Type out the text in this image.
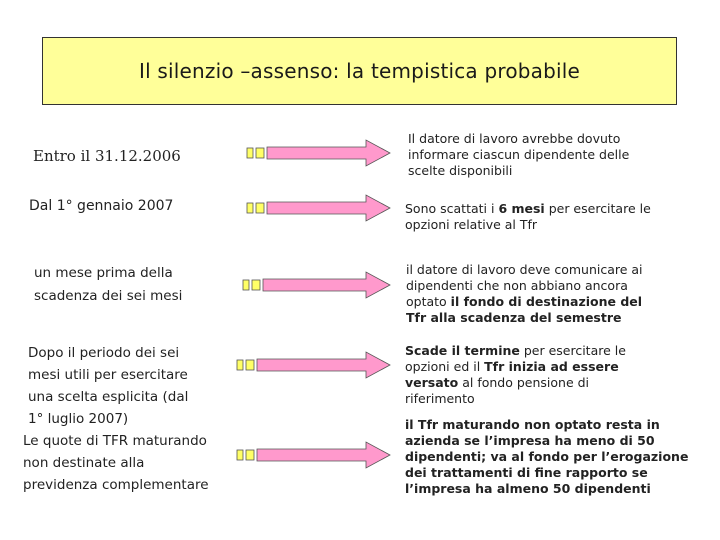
Il silenzio –assenso: la tempistica probabile
Entro il 31.12.2006
Dal 1° gennaio 2007
un mese prima della scadenza dei sei mesi
Dopo il periodo dei sei mesi utili per esercitare una scelta esplicita (dal 1° luglio 2007)
Le quote di TFR maturando non destinate alla previdenza complementare
Il datore di lavoro avrebbe dovuto informare ciascun dipendente delle scelte disponibili
Sono scattati i 6 mesi per esercitare le opzioni relative al Tfr
il datore di lavoro deve comunicare ai dipendenti che non abbiano ancora optato il fondo di destinazione del Tfr alla scadenza del semestre
Scade il termine per esercitare le opzioni ed il Tfr inizia ad essere versato al fondo pensione di riferimento
il Tfr maturando non optato resta in azienda se l’impresa ha meno di 50 dipendenti; va al fondo per l’erogazione dei trattamenti di fine rapporto se l’impresa ha almeno 50 dipendenti
